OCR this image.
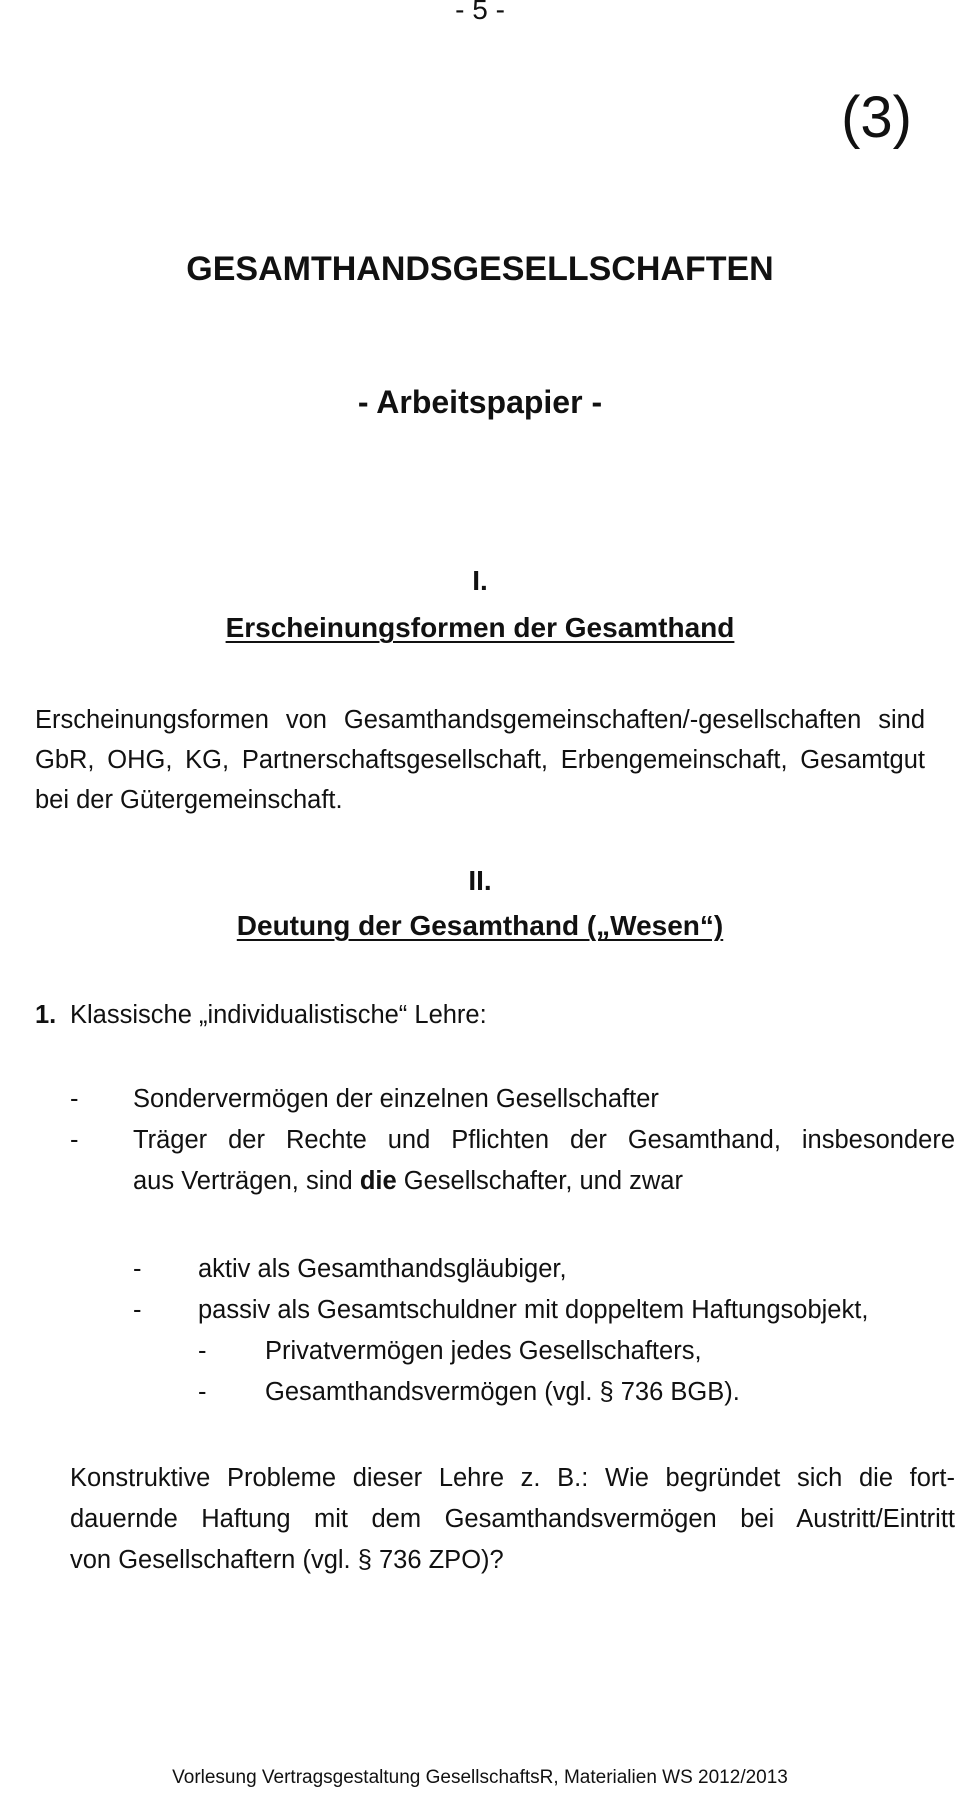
- 5 -
(3)
GESAMTHANDSGESELLSCHAFTEN
- Arbeitspapier -
I.
Erscheinungsformen der Gesamthand
Erscheinungsformen von Gesamthandsgemeinschaften/-gesellschaften sind
GbR, OHG, KG, Partnerschaftsgesellschaft, Erbengemeinschaft, Gesamtgut
bei der Gütergemeinschaft.
II.
Deutung der Gesamthand („Wesen“)
1. Klassische „individualistische“ Lehre:
- Sondervermögen der einzelnen Gesellschafter
- Träger der Rechte und Pflichten der Gesamthand, insbesondere
aus Verträgen, sind die Gesellschafter, und zwar
- aktiv als Gesamthandsgläubiger,
- passiv als Gesamtschuldner mit doppeltem Haftungsobjekt,
- Privatvermögen jedes Gesellschafters,
- Gesamthandsvermögen (vgl. § 736 BGB).
Konstruktive Probleme dieser Lehre z. B.: Wie begründet sich die fort-
dauernde Haftung mit dem Gesamthandsvermögen bei Austritt/Eintritt
von Gesellschaftern (vgl. § 736 ZPO)?
Vorlesung Vertragsgestaltung GesellschaftsR, Materialien WS 2012/2013
